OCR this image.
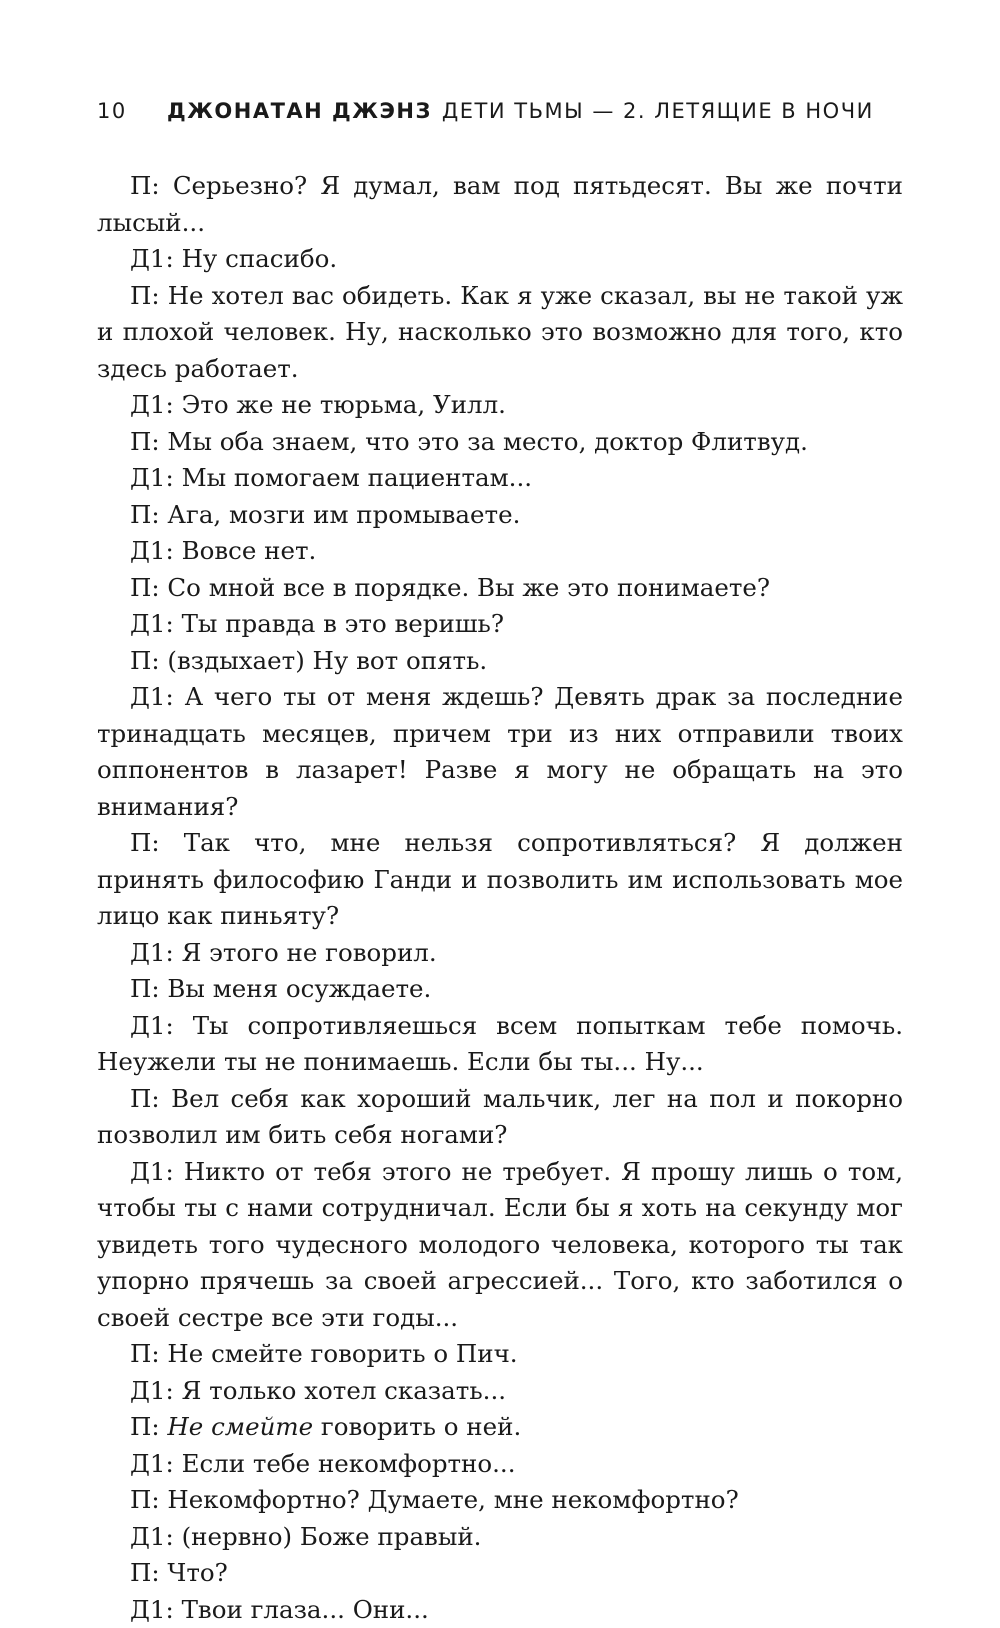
10 ДЖОНАТАН ДЖЭНЗ ДЕТИ ТЬМЫ — 2. ЛЕТЯЩИЕ В НОЧИ

П: Серьезно? Я думал, вам под пятьдесят. Вы же почти лысый...

Д1: Ну спасибо.

П: Не хотел вас обидеть. Как я уже сказал, вы не такой уж и плохой человек. Ну, насколько это возможно для того, кто здесь работает.

Д1: Это же не тюрьма, Уилл.

П: Мы оба знаем, что это за место, доктор Флитвуд.

Д1: Мы помогаем пациентам...

П: Ага, мозги им промываете.

Д1: Вовсе нет.

П: Со мной все в порядке. Вы же это понимаете?

Д1: Ты правда в это веришь?

П: (вздыхает) Ну вот опять.

Д1: А чего ты от меня ждешь? Девять драк за последние тринадцать месяцев, причем три из них отправили твоих оппонентов в лазарет! Разве я могу не обращать на это внимания?

П: Так что, мне нельзя сопротивляться? Я должен принять философию Ганди и позволить им использовать мое лицо как пиньяту?

Д1: Я этого не говорил.

П: Вы меня осуждаете.

Д1: Ты сопротивляешься всем попыткам тебе помочь. Неужели ты не понимаешь. Если бы ты... Ну...

П: Вел себя как хороший мальчик, лег на пол и покорно позволил им бить себя ногами?

Д1: Никто от тебя этого не требует. Я прошу лишь о том, чтобы ты с нами сотрудничал. Если бы я хоть на секунду мог увидеть того чудесного молодого человека, которого ты так упорно прячешь за своей агрессией... Того, кто заботился о своей сестре все эти годы...

П: Не смейте говорить о Пич.

Д1: Я только хотел сказать...

П: Не смейте говорить о ней.

Д1: Если тебе некомфортно...

П: Некомфортно? Думаете, мне некомфортно?

Д1: (нервно) Боже правый.

П: Что?

Д1: Твои глаза... Они...
